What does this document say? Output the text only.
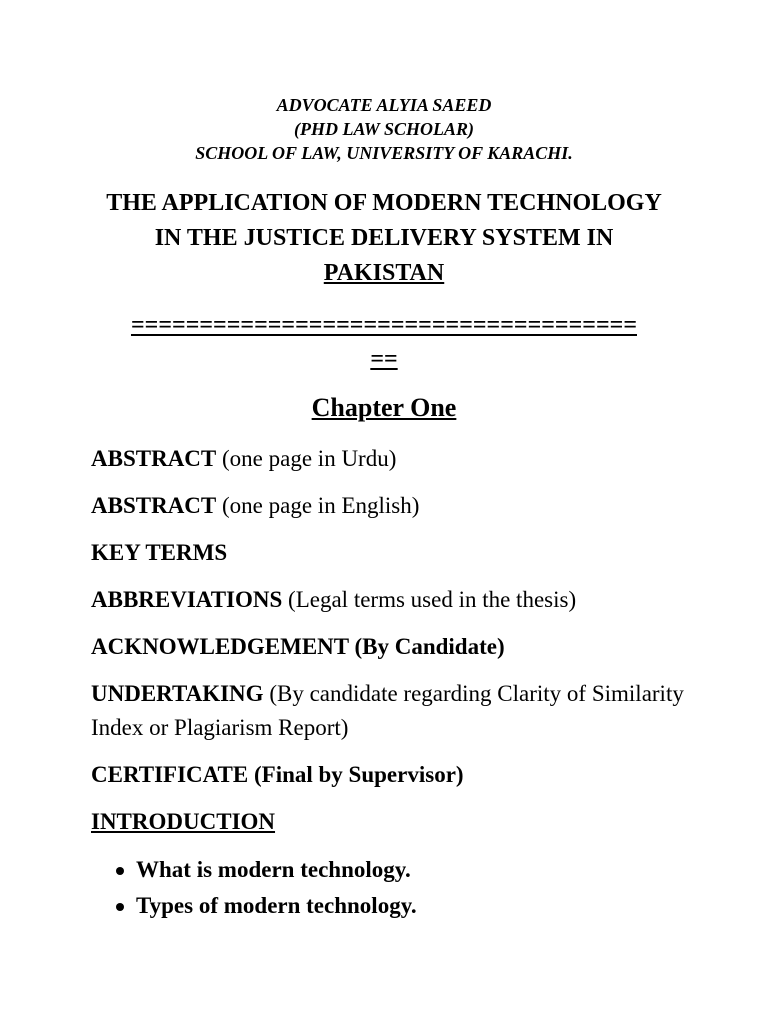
ADVOCATE ALYIA SAEED
(PHD LAW SCHOLAR)
SCHOOL OF LAW, UNIVERSITY OF KARACHI.
THE APPLICATION OF MODERN TECHNOLOGY
IN THE JUSTICE DELIVERY SYSTEM IN
PAKISTAN
=====================================
==
Chapter One
ABSTRACT (one page in Urdu)
ABSTRACT (one page in English)
KEY TERMS
ABBREVIATIONS (Legal terms used in the thesis)
ACKNOWLEDGEMENT (By Candidate)
UNDERTAKING (By candidate regarding Clarity of Similarity Index or Plagiarism Report)
CERTIFICATE (Final by Supervisor)
INTRODUCTION
What is modern technology.
Types of modern technology.
